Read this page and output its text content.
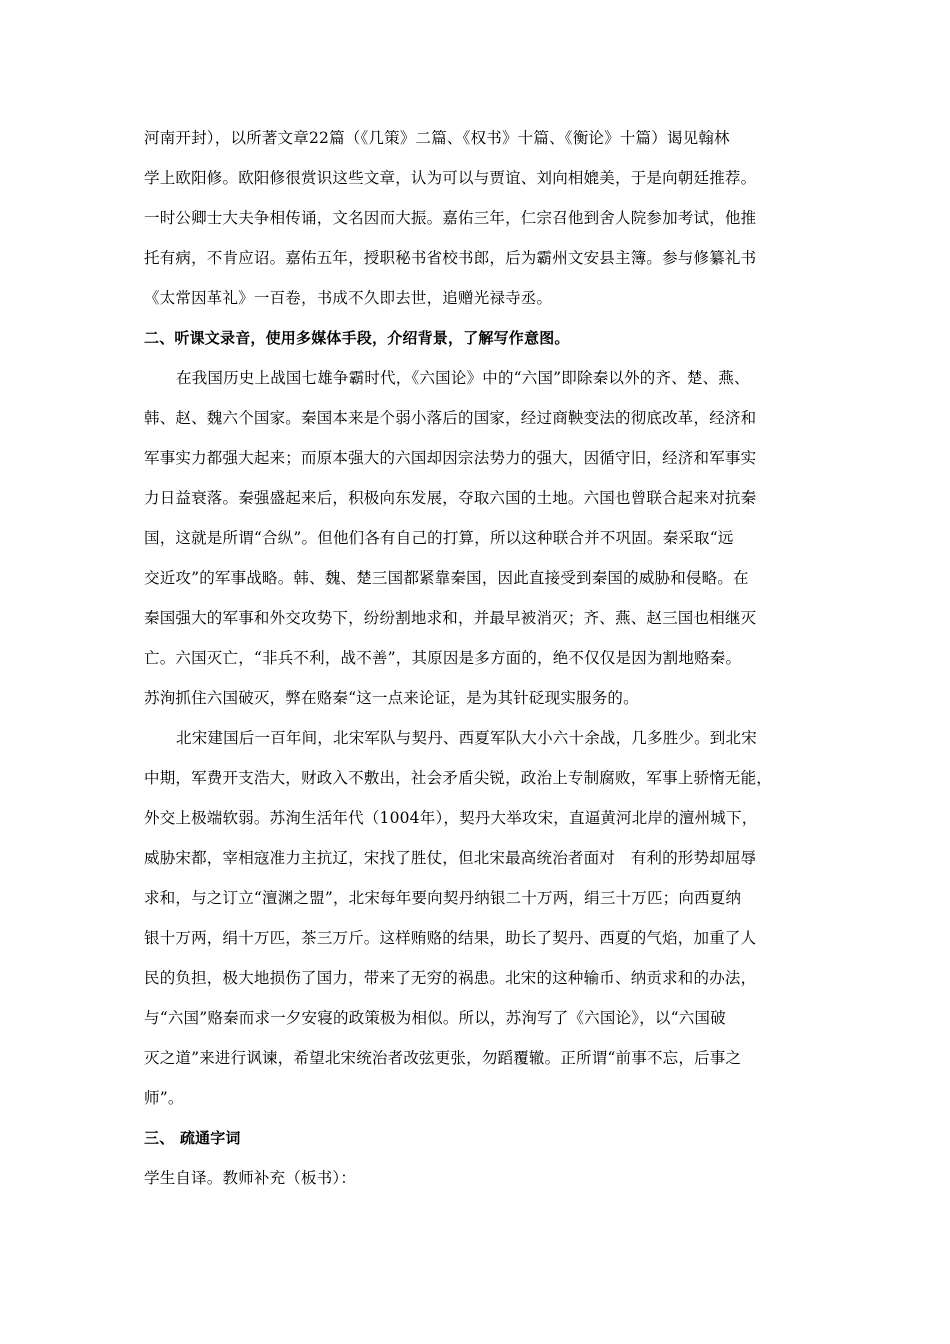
河南开封），以所著文章22篇（《几策》二篇、《权书》十篇、《衡论》十篇）谒见翰林
学上欧阳修。欧阳修很赏识这些文章，认为可以与贾谊、刘向相媲美，于是向朝廷推荐。
一时公卿士大夫争相传诵，文名因而大振。嘉佑三年，仁宗召他到舍人院参加考试，他推
托有病，不肯应诏。嘉佑五年，授职秘书省校书郎，后为霸州文安县主簿。参与修纂礼书
《太常因革礼》一百卷，书成不久即去世，追赠光禄寺丞。
二、听课文录音，使用多媒体手段，介绍背景，了解写作意图。
在我国历史上战国七雄争霸时代，《六国论》中的“六国”即除秦以外的齐、楚、燕、
韩、赵、魏六个国家。秦国本来是个弱小落后的国家，经过商鞅变法的彻底改革，经济和
军事实力都强大起来；而原本强大的六国却因宗法势力的强大，因循守旧，经济和军事实
力日益衰落。秦强盛起来后，积极向东发展，夺取六国的土地。六国也曾联合起来对抗秦
国，这就是所谓“合纵”。但他们各有自己的打算，所以这种联合并不巩固。秦采取“远
交近攻”的军事战略。韩、魏、楚三国都紧靠秦国，因此直接受到秦国的威胁和侵略。在
秦国强大的军事和外交攻势下，纷纷割地求和，并最早被消灭；齐、燕、赵三国也相继灭
亡。六国灭亡，“非兵不利，战不善”，其原因是多方面的，绝不仅仅是因为割地赂秦。
苏洵抓住六国破灭，弊在赂秦“这一点来论证，是为其针砭现实服务的。
北宋建国后一百年间，北宋军队与契丹、西夏军队大小六十余战，几多胜少。到北宋
中期，军费开支浩大，财政入不敷出，社会矛盾尖锐，政治上专制腐败，军事上骄惰无能，
外交上极端软弱。苏洵生活年代（1004年），契丹大举攻宋，直逼黄河北岸的澶州城下，
威胁宋都，宰相寇准力主抗辽，宋找了胜仗，但北宋最高统治者面对　有利的形势却屈辱
求和，与之订立“澶渊之盟”，北宋每年要向契丹纳银二十万两，绢三十万匹；向西夏纳
银十万两，绢十万匹，茶三万斤。这样贿赂的结果，助长了契丹、西夏的气焰，加重了人
民的负担，极大地损伤了国力，带来了无穷的祸患。北宋的这种输币、纳贡求和的办法，
与“六国”赂秦而求一夕安寝的政策极为相似。所以，苏洵写了《六国论》，以“六国破
灭之道”来进行讽谏，希望北宋统治者改弦更张，勿蹈覆辙。正所谓“前事不忘，后事之
师”。
三、 疏通字词
学生自译。教师补充（板书）：
